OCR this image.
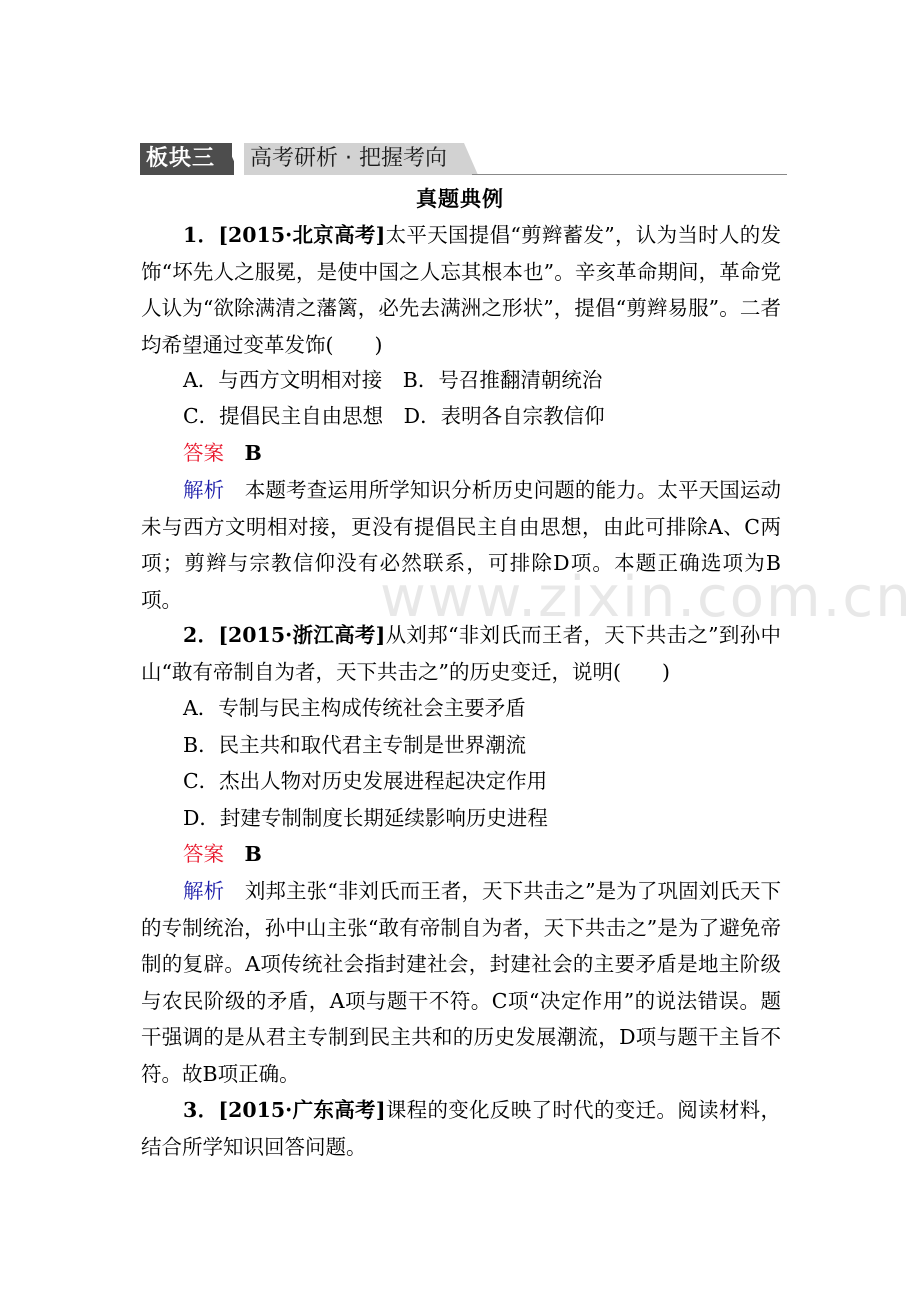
板块三	高考研析 · 把握考向
真题典例
www.zixin.com.cn
1．[2015·北京高考]太平天国提倡“剪辫蓄发”，认为当时人的发饰“坏先人之服冕，是使中国之人忘其根本也”。辛亥革命期间，革命党人认为“欲除满清之藩篱，必先去满洲之形状”，提倡“剪辫易服”。二者均希望通过变革发饰(　　)
A．与西方文明相对接　B．号召推翻清朝统治
C．提倡民主自由思想　D．表明各自宗教信仰
答案　 B
解析　 本题考查运用所学知识分析历史问题的能力。太平天国运动未与西方文明相对接，更没有提倡民主自由思想，由此可排除A、C两项；剪辫与宗教信仰没有必然联系，可排除D项。本题正确选项为B项。
2．[2015·浙江高考]从刘邦“非刘氏而王者，天下共击之”到孙中山“敢有帝制自为者，天下共击之”的历史变迁，说明(　　)
A．专制与民主构成传统社会主要矛盾
B．民主共和取代君主专制是世界潮流
C．杰出人物对历史发展进程起决定作用
D．封建专制制度长期延续影响历史进程
答案　 B
解析　 刘邦主张“非刘氏而王者，天下共击之”是为了巩固刘氏天下的专制统治，孙中山主张“敢有帝制自为者，天下共击之”是为了避免帝制的复辟。A项传统社会指封建社会，封建社会的主要矛盾是地主阶级与农民阶级的矛盾，A项与题干不符。C项“决定作用”的说法错误。题干强调的是从君主专制到民主共和的历史发展潮流，D项与题干主旨不符。故B项正确。
3．[2015·广东高考]课程的变化反映了时代的变迁。阅读材料，结合所学知识回答问题。
